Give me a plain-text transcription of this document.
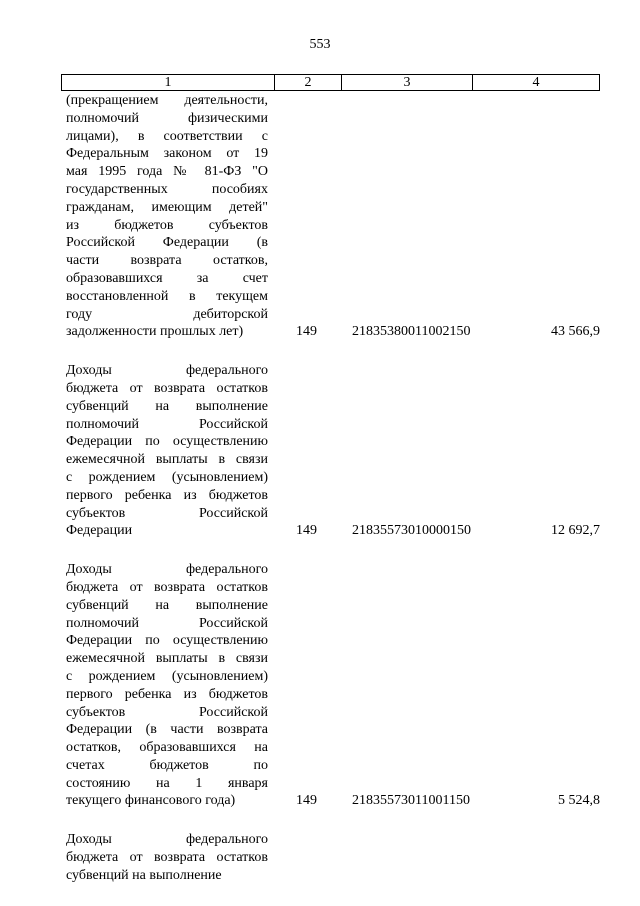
553
1	2	3	4
(прекращением деятельности,
полномочий физическими
лицами), в соответствии с
Федеральным законом от 19
мая 1995 года № 81-ФЗ "О
государственных пособиях
гражданам, имеющим детей"
из бюджетов субъектов
Российской Федерации (в
части возврата остатков,
образовавшихся за счет
восстановленной в текущем
году дебиторской
задолженности прошлых лет)	149	21835380011002150	43 566,9
Доходы федерального
бюджета от возврата остатков
субвенций на выполнение
полномочий Российской
Федерации по осуществлению
ежемесячной выплаты в связи
с рождением (усыновлением)
первого ребенка из бюджетов
субъектов Российской
Федерации	149	21835573010000150	12 692,7
Доходы федерального
бюджета от возврата остатков
субвенций на выполнение
полномочий Российской
Федерации по осуществлению
ежемесячной выплаты в связи
с рождением (усыновлением)
первого ребенка из бюджетов
субъектов Российской
Федерации (в части возврата
остатков, образовавшихся на
счетах бюджетов по
состоянию на 1 января
текущего финансового года)	149	21835573011001150	5 524,8
Доходы федерального
бюджета от возврата остатков
субвенций на выполнение
